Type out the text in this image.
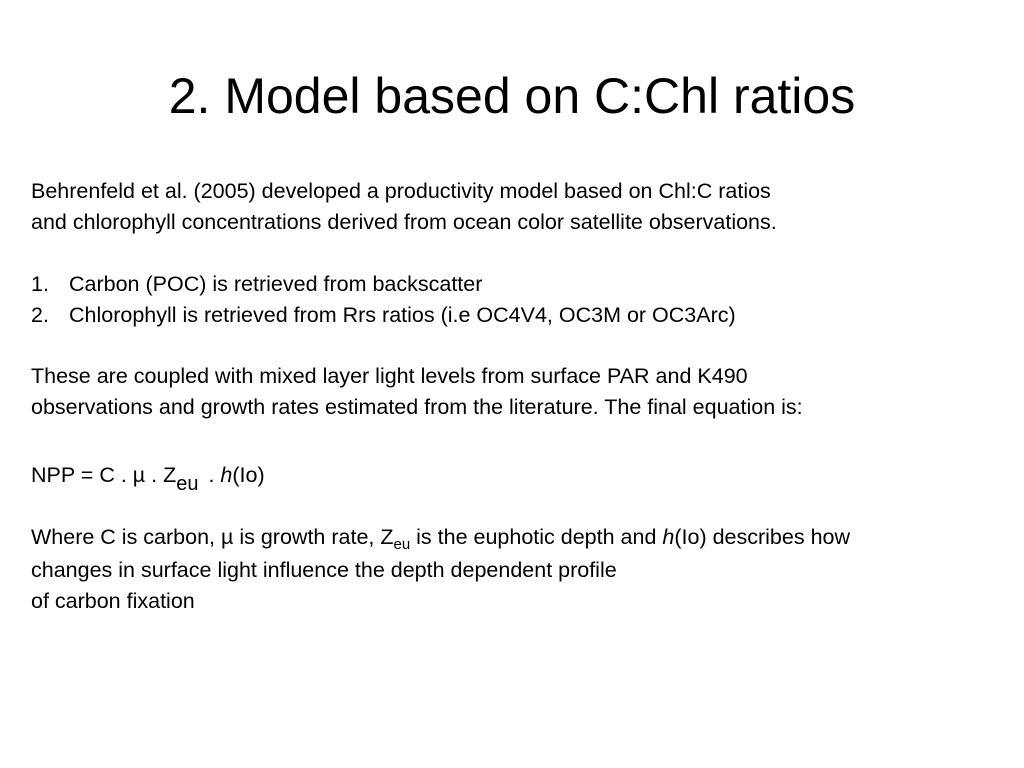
2. Model based on C:Chl ratios
Behrenfeld et al. (2005) developed a productivity model based on Chl:C ratios
and chlorophyll concentrations derived from ocean color satellite observations.
1. Carbon (POC) is retrieved from backscatter
2. Chlorophyll is retrieved from Rrs ratios (i.e OC4V4, OC3M or OC3Arc)
These are coupled with mixed layer light levels from surface PAR and K490
observations and growth rates estimated from the literature. The final equation is:
NPP = C . µ . Zeu . h(Io)
Where C is carbon, µ is growth rate, $Z_{eu}$ is the euphotic depth and h(Io) describes how
changes in surface light influence the depth dependent profile
of carbon fixation
